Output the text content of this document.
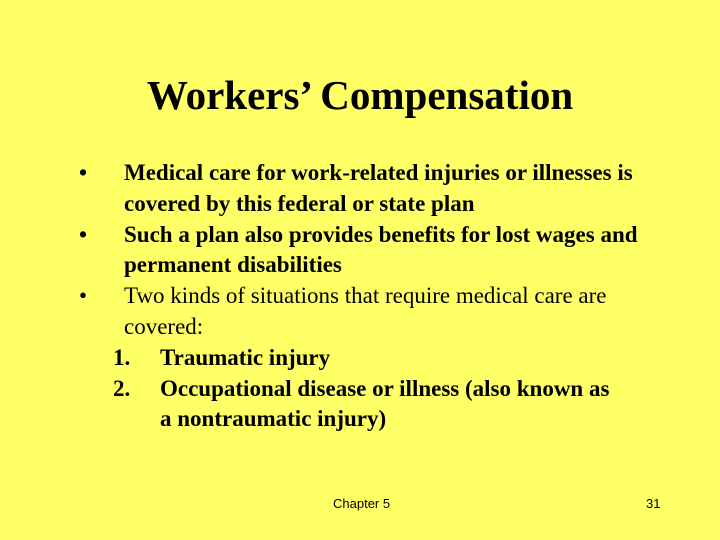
Workers’ Compensation
•	Medical care for work-related injuries or illnesses is covered by this federal or state plan
•	Such a plan also provides benefits for lost wages and permanent disabilities
•	Two kinds of situations that require medical care are covered:
1.	Traumatic injury
2.	Occupational disease or illness (also known as a nontraumatic injury)
Chapter 5	31
